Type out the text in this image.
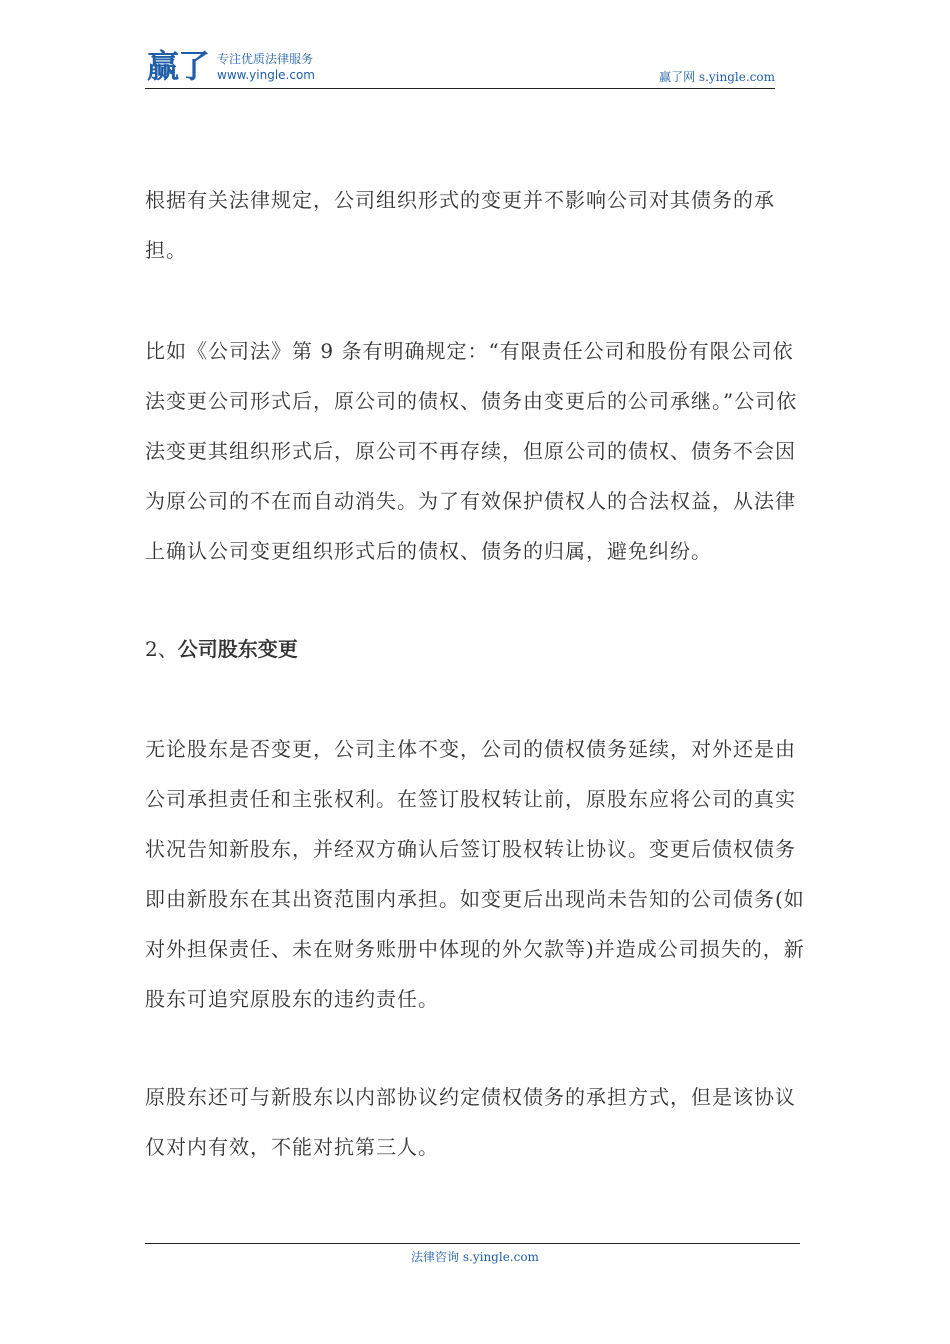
赢了 专注优质法律服务
www.yingle.com	赢了网 s.yingle.com

根据有关法律规定，公司组织形式的变更并不影响公司对其债务的承担。

比如《公司法》第 9 条有明确规定：“有限责任公司和股份有限公司依法变更公司形式后，原公司的债权、债务由变更后的公司承继。”公司依法变更其组织形式后，原公司不再存续，但原公司的债权、债务不会因为原公司的不在而自动消失。为了有效保护债权人的合法权益，从法律上确认公司变更组织形式后的债权、债务的归属，避免纠纷。

2、公司股东变更

无论股东是否变更，公司主体不变，公司的债权债务延续，对外还是由公司承担责任和主张权利。在签订股权转让前，原股东应将公司的真实状况告知新股东，并经双方确认后签订股权转让协议。变更后债权债务即由新股东在其出资范围内承担。如变更后出现尚未告知的公司债务(如对外担保责任、未在财务账册中体现的外欠款等)并造成公司损失的，新股东可追究原股东的违约责任。

原股东还可与新股东以内部协议约定债权债务的承担方式，但是该协议仅对内有效，不能对抗第三人。

法律咨询 s.yingle.com
